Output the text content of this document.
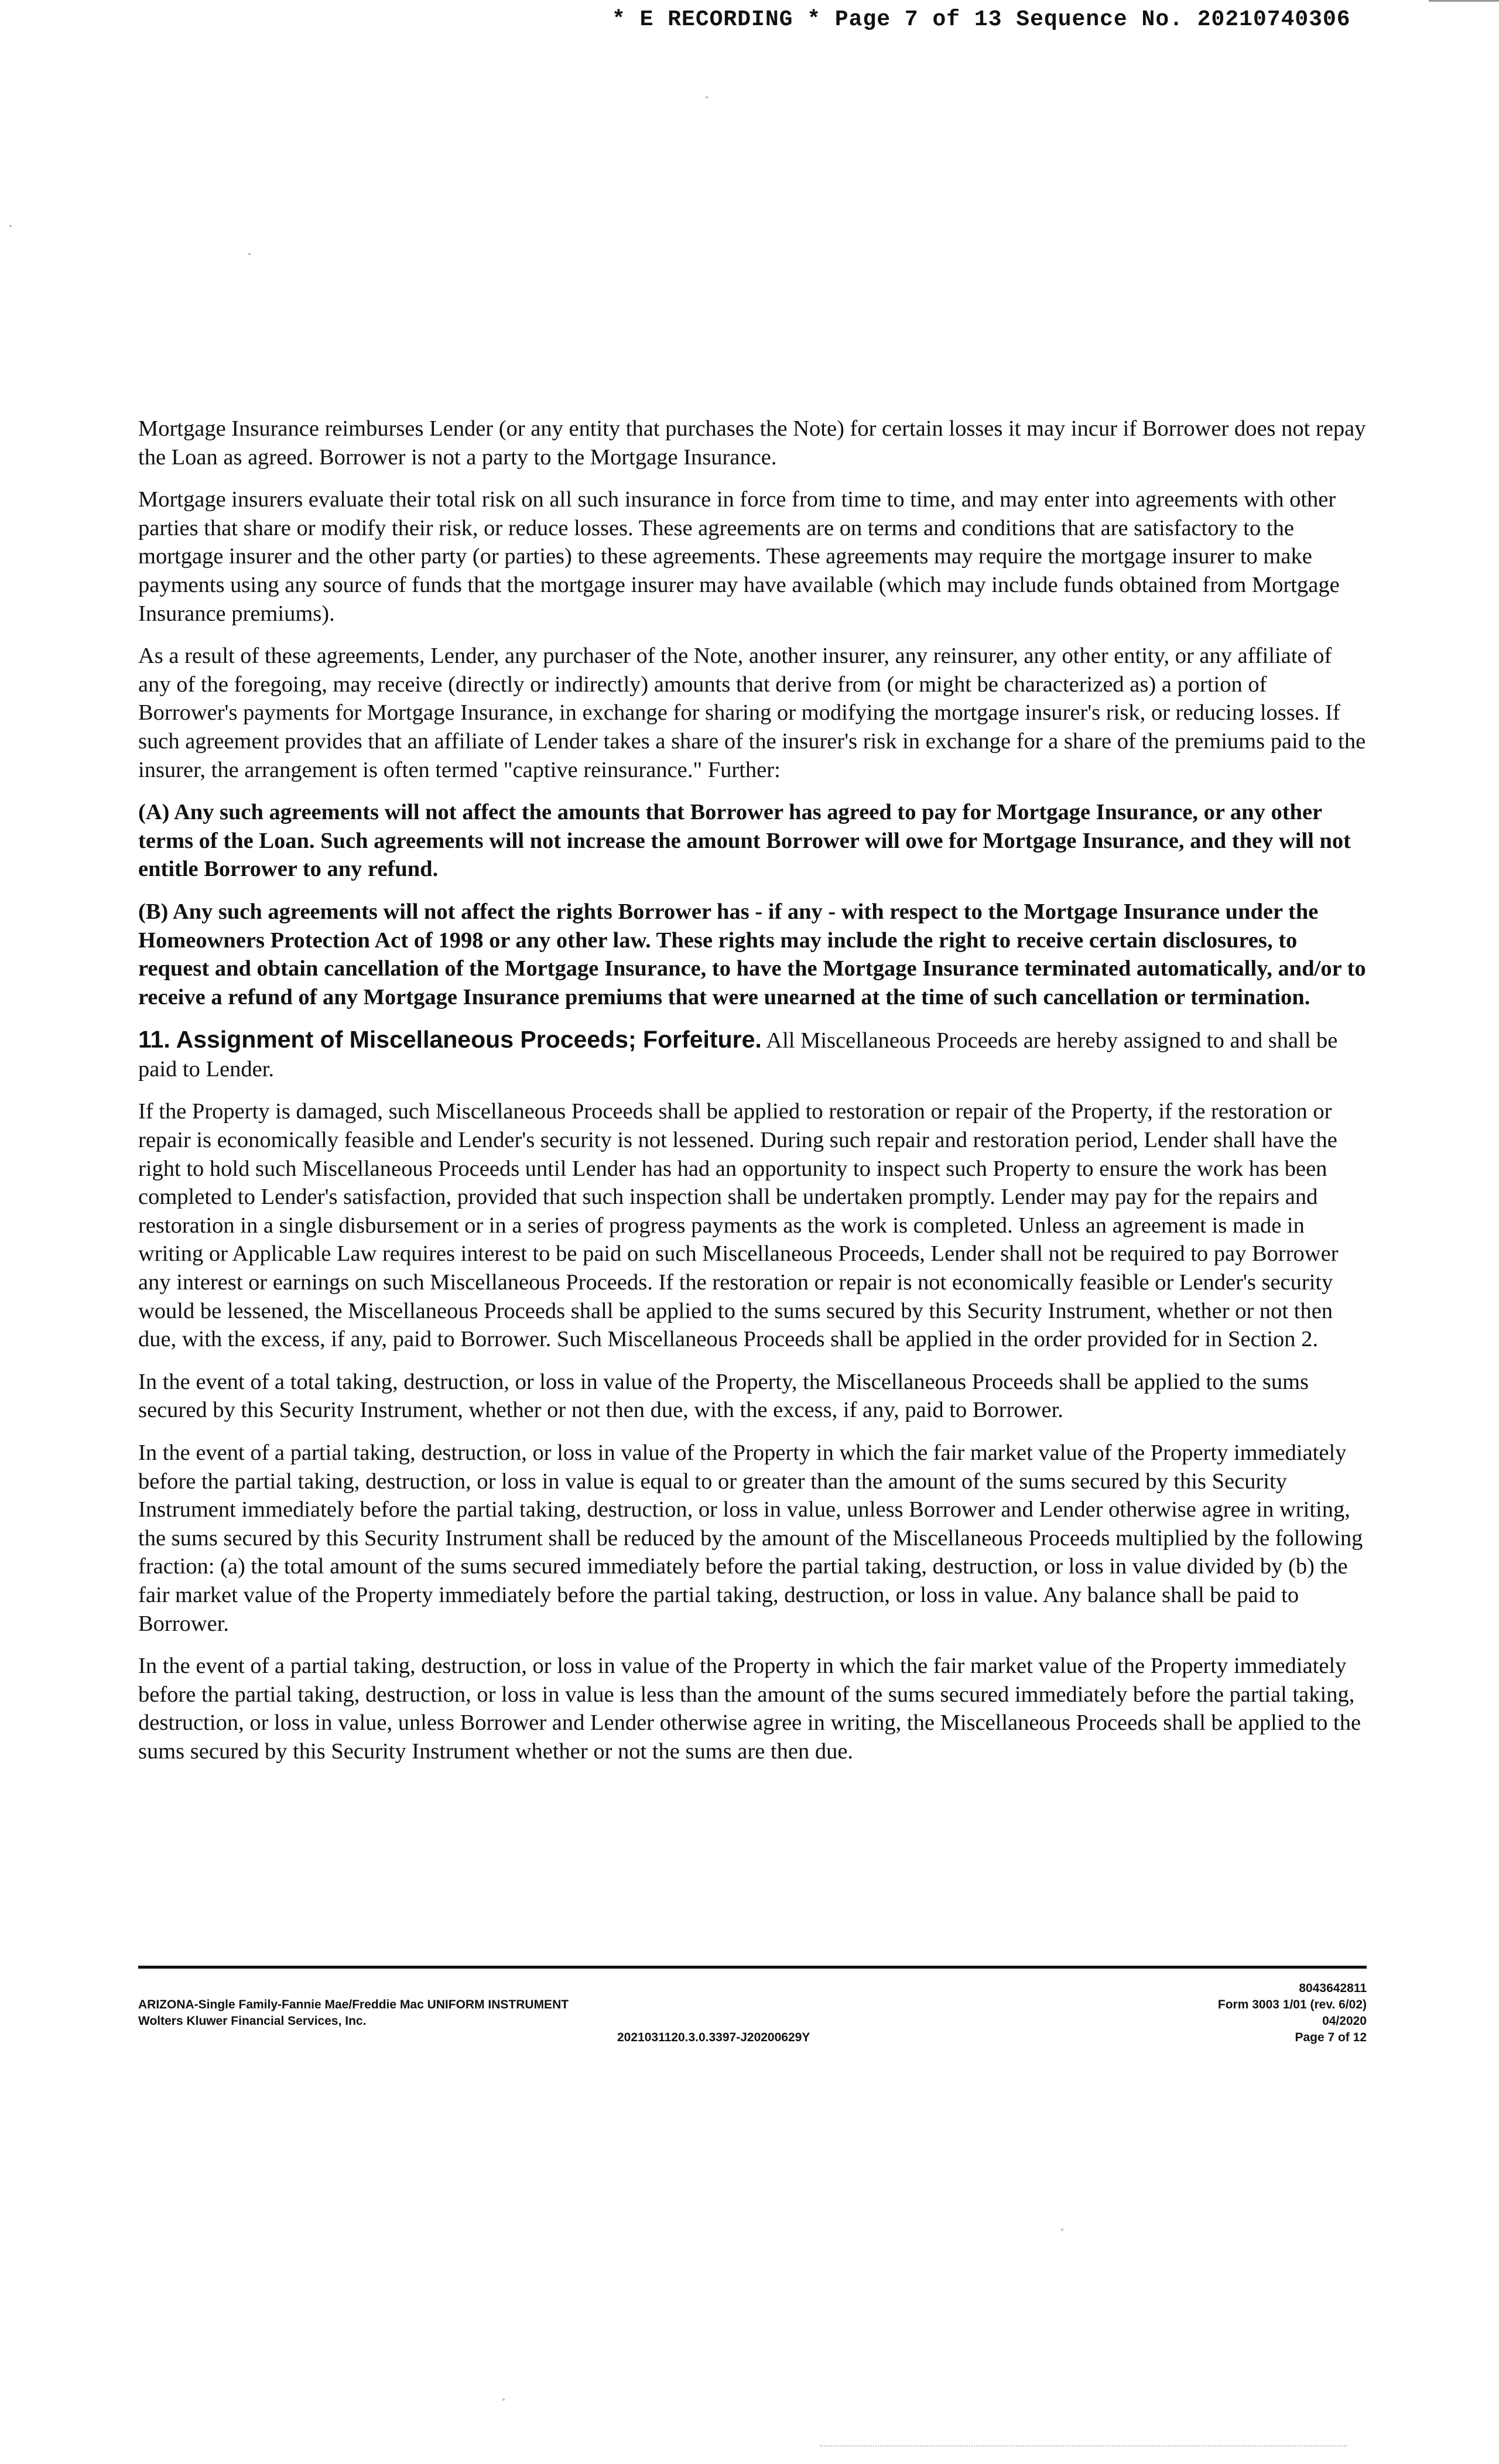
* E RECORDING * Page 7 of 13 Sequence No. 20210740306

Mortgage Insurance reimburses Lender (or any entity that purchases the Note) for certain losses it may incur if Borrower does not repay the Loan as agreed. Borrower is not a party to the Mortgage Insurance.

Mortgage insurers evaluate their total risk on all such insurance in force from time to time, and may enter into agreements with other parties that share or modify their risk, or reduce losses. These agreements are on terms and conditions that are satisfactory to the mortgage insurer and the other party (or parties) to these agreements. These agreements may require the mortgage insurer to make payments using any source of funds that the mortgage insurer may have available (which may include funds obtained from Mortgage Insurance premiums).

As a result of these agreements, Lender, any purchaser of the Note, another insurer, any reinsurer, any other entity, or any affiliate of any of the foregoing, may receive (directly or indirectly) amounts that derive from (or might be characterized as) a portion of Borrower's payments for Mortgage Insurance, in exchange for sharing or modifying the mortgage insurer's risk, or reducing losses. If such agreement provides that an affiliate of Lender takes a share of the insurer's risk in exchange for a share of the premiums paid to the insurer, the arrangement is often termed "captive reinsurance." Further:

(A) Any such agreements will not affect the amounts that Borrower has agreed to pay for Mortgage Insurance, or any other terms of the Loan. Such agreements will not increase the amount Borrower will owe for Mortgage Insurance, and they will not entitle Borrower to any refund.

(B) Any such agreements will not affect the rights Borrower has - if any - with respect to the Mortgage Insurance under the Homeowners Protection Act of 1998 or any other law. These rights may include the right to receive certain disclosures, to request and obtain cancellation of the Mortgage Insurance, to have the Mortgage Insurance terminated automatically, and/or to receive a refund of any Mortgage Insurance premiums that were unearned at the time of such cancellation or termination.

11. Assignment of Miscellaneous Proceeds; Forfeiture. All Miscellaneous Proceeds are hereby assigned to and shall be paid to Lender.

If the Property is damaged, such Miscellaneous Proceeds shall be applied to restoration or repair of the Property, if the restoration or repair is economically feasible and Lender's security is not lessened. During such repair and restoration period, Lender shall have the right to hold such Miscellaneous Proceeds until Lender has had an opportunity to inspect such Property to ensure the work has been completed to Lender's satisfaction, provided that such inspection shall be undertaken promptly. Lender may pay for the repairs and restoration in a single disbursement or in a series of progress payments as the work is completed. Unless an agreement is made in writing or Applicable Law requires interest to be paid on such Miscellaneous Proceeds, Lender shall not be required to pay Borrower any interest or earnings on such Miscellaneous Proceeds. If the restoration or repair is not economically feasible or Lender's security would be lessened, the Miscellaneous Proceeds shall be applied to the sums secured by this Security Instrument, whether or not then due, with the excess, if any, paid to Borrower. Such Miscellaneous Proceeds shall be applied in the order provided for in Section 2.

In the event of a total taking, destruction, or loss in value of the Property, the Miscellaneous Proceeds shall be applied to the sums secured by this Security Instrument, whether or not then due, with the excess, if any, paid to Borrower.

In the event of a partial taking, destruction, or loss in value of the Property in which the fair market value of the Property immediately before the partial taking, destruction, or loss in value is equal to or greater than the amount of the sums secured by this Security Instrument immediately before the partial taking, destruction, or loss in value, unless Borrower and Lender otherwise agree in writing, the sums secured by this Security Instrument shall be reduced by the amount of the Miscellaneous Proceeds multiplied by the following fraction: (a) the total amount of the sums secured immediately before the partial taking, destruction, or loss in value divided by (b) the fair market value of the Property immediately before the partial taking, destruction, or loss in value. Any balance shall be paid to Borrower.

In the event of a partial taking, destruction, or loss in value of the Property in which the fair market value of the Property immediately before the partial taking, destruction, or loss in value is less than the amount of the sums secured immediately before the partial taking, destruction, or loss in value, unless Borrower and Lender otherwise agree in writing, the Miscellaneous Proceeds shall be applied to the sums secured by this Security Instrument whether or not the sums are then due.

ARIZONA-Single Family-Fannie Mae/Freddie Mac UNIFORM INSTRUMENT
Wolters Kluwer Financial Services, Inc.
2021031120.3.0.3397-J20200629Y
8043642811
Form 3003 1/01 (rev. 6/02)
04/2020
Page 7 of 12
